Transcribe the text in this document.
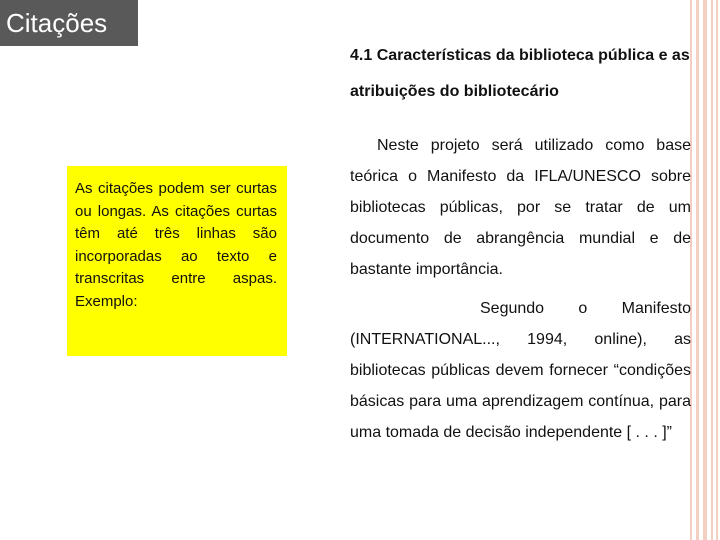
Citações
4.1 Características da biblioteca pública e as atribuições do bibliotecário

Neste projeto será utilizado como base teórica o Manifesto da IFLA/UNESCO sobre bibliotecas públicas, por se tratar de um documento de abrangência mundial e de bastante importância.

Segundo o Manifesto (INTERNATIONAL..., 1994, online), as bibliotecas públicas devem fornecer “condições básicas para uma aprendizagem contínua, para uma tomada de decisão independente [ . . . ]”

As citações podem ser curtas ou longas. As citações curtas têm até três linhas são incorporadas ao texto e transcritas entre aspas. Exemplo:
